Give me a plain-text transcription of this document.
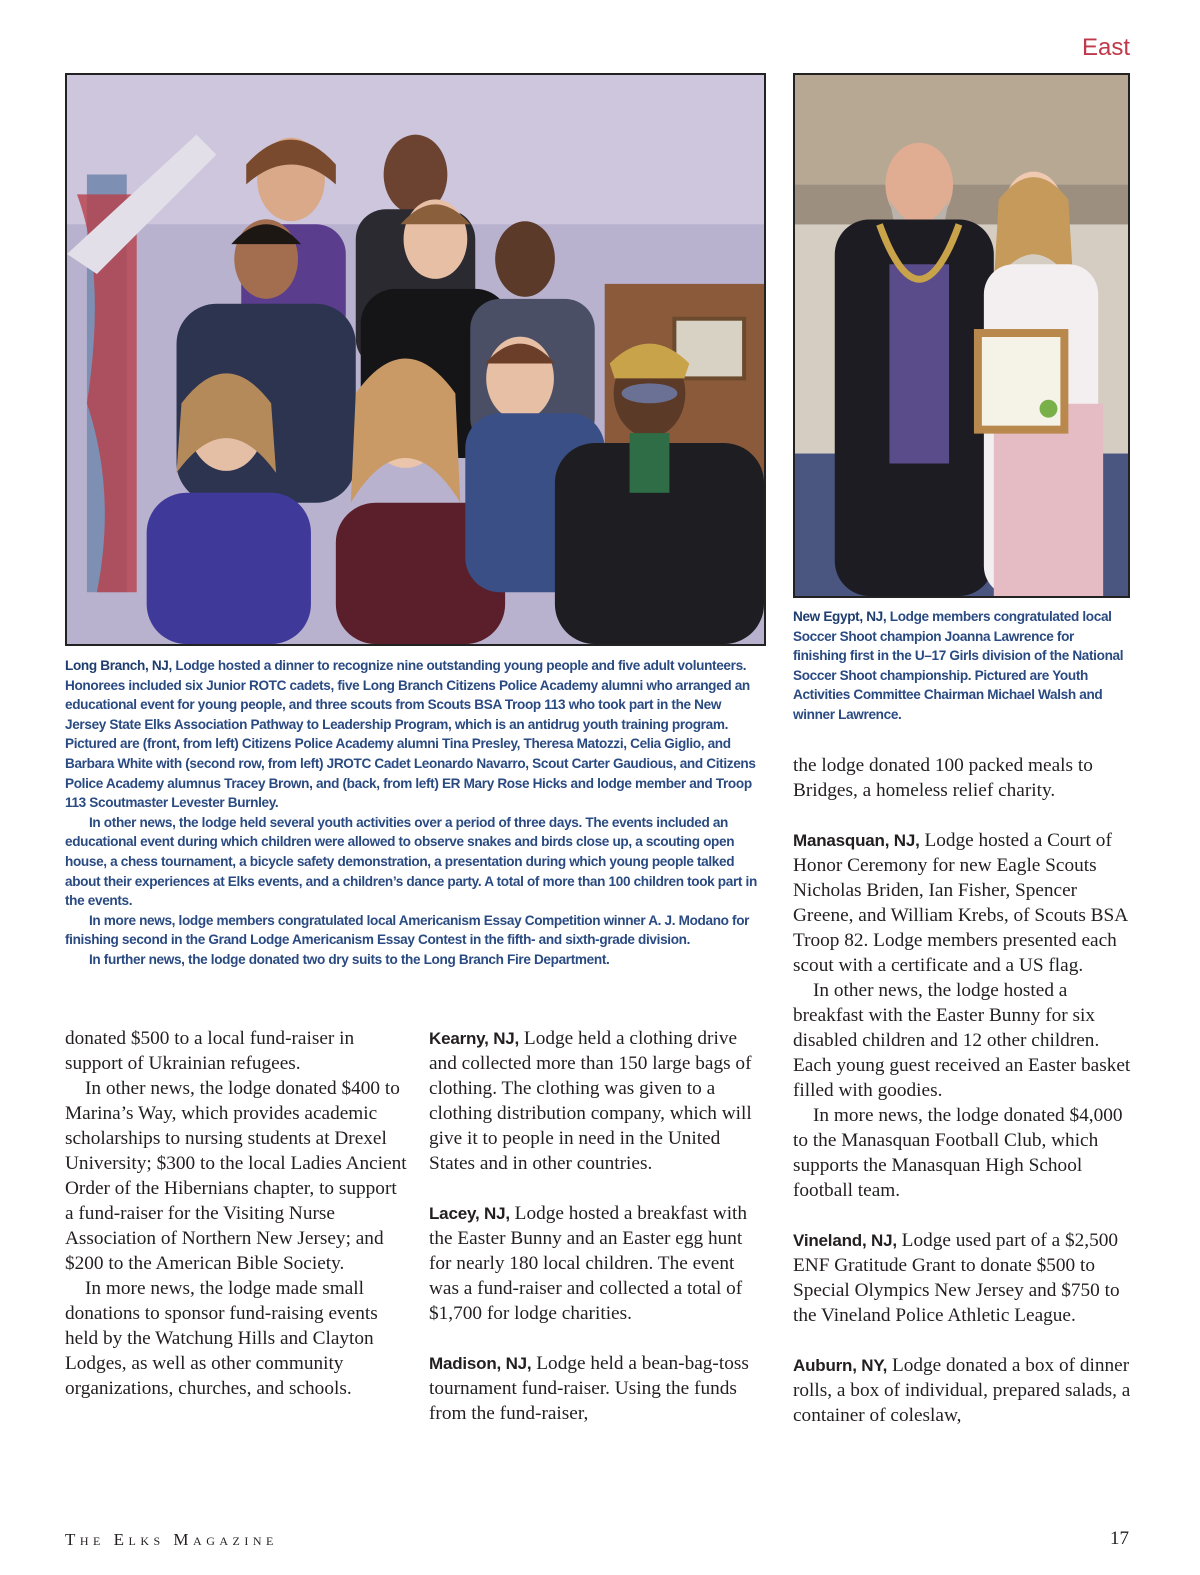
East

New Egypt, NJ, Lodge members congratulated local Soccer Shoot champion Joanna Lawrence for finishing first in the U–17 Girls division of the National Soccer Shoot championship. Pictured are Youth Activities Committee Chairman Michael Walsh and winner Lawrence.

Long Branch, NJ, Lodge hosted a dinner to recognize nine outstanding young people and five adult volunteers. Honorees included six Junior ROTC cadets, five Long Branch Citizens Police Academy alumni who arranged an educational event for young people, and three scouts from Scouts BSA Troop 113 who took part in the New Jersey State Elks Association Pathway to Leadership Program, which is an antidrug youth training program. Pictured are (front, from left) Citizens Police Academy alumni Tina Presley, Theresa Matozzi, Celia Giglio, and Barbara White with (second row, from left) JROTC Cadet Leonardo Navarro, Scout Carter Gaudious, and Citizens Police Academy alumnus Tracey Brown, and (back, from left) ER Mary Rose Hicks and lodge member and Troop 113 Scoutmaster Levester Burnley.

In other news, the lodge held several youth activities over a period of three days. The events included an educational event during which children were allowed to observe snakes and birds close up, a scouting open house, a chess tournament, a bicycle safety demonstration, a presentation during which young people talked about their experiences at Elks events, and a children’s dance party. A total of more than 100 children took part in the events.

In more news, lodge members congratulated local Americanism Essay Competition winner A. J. Modano for finishing second in the Grand Lodge Americanism Essay Contest in the fifth- and sixth-grade division.

In further news, the lodge donated two dry suits to the Long Branch Fire Department.

donated $500 to a local fund-raiser in support of Ukrainian refugees.

In other news, the lodge donated $400 to Marina’s Way, which provides academic scholarships to nursing students at Drexel University; $300 to the local Ladies Ancient Order of the Hibernians chapter, to support a fund-raiser for the Visiting Nurse Association of Northern New Jersey; and $200 to the American Bible Society.

In more news, the lodge made small donations to sponsor fund-raising events held by the Watchung Hills and Clayton Lodges, as well as other community organizations, churches, and schools.

Kearny, NJ, Lodge held a clothing drive and collected more than 150 large bags of clothing. The clothing was given to a clothing distribution company, which will give it to people in need in the United States and in other countries.

Lacey, NJ, Lodge hosted a breakfast with the Easter Bunny and an Easter egg hunt for nearly 180 local children. The event was a fund-raiser and collected a total of $1,700 for lodge charities.

Madison, NJ, Lodge held a bean-bag-toss tournament fund-raiser. Using the funds from the fund-raiser,

the lodge donated 100 packed meals to Bridges, a homeless relief charity.

Manasquan, NJ, Lodge hosted a Court of Honor Ceremony for new Eagle Scouts Nicholas Briden, Ian Fisher, Spencer Greene, and William Krebs, of Scouts BSA Troop 82. Lodge members presented each scout with a certificate and a US flag.

In other news, the lodge hosted a breakfast with the Easter Bunny for six disabled children and 12 other children. Each young guest received an Easter basket filled with goodies.

In more news, the lodge donated $4,000 to the Manasquan Football Club, which supports the Manasquan High School football team.

Vineland, NJ, Lodge used part of a $2,500 ENF Gratitude Grant to donate $500 to Special Olympics New Jersey and $750 to the Vineland Police Athletic League.

Auburn, NY, Lodge donated a box of dinner rolls, a box of individual, prepared salads, a container of coleslaw,

The Elks Magazine	17
